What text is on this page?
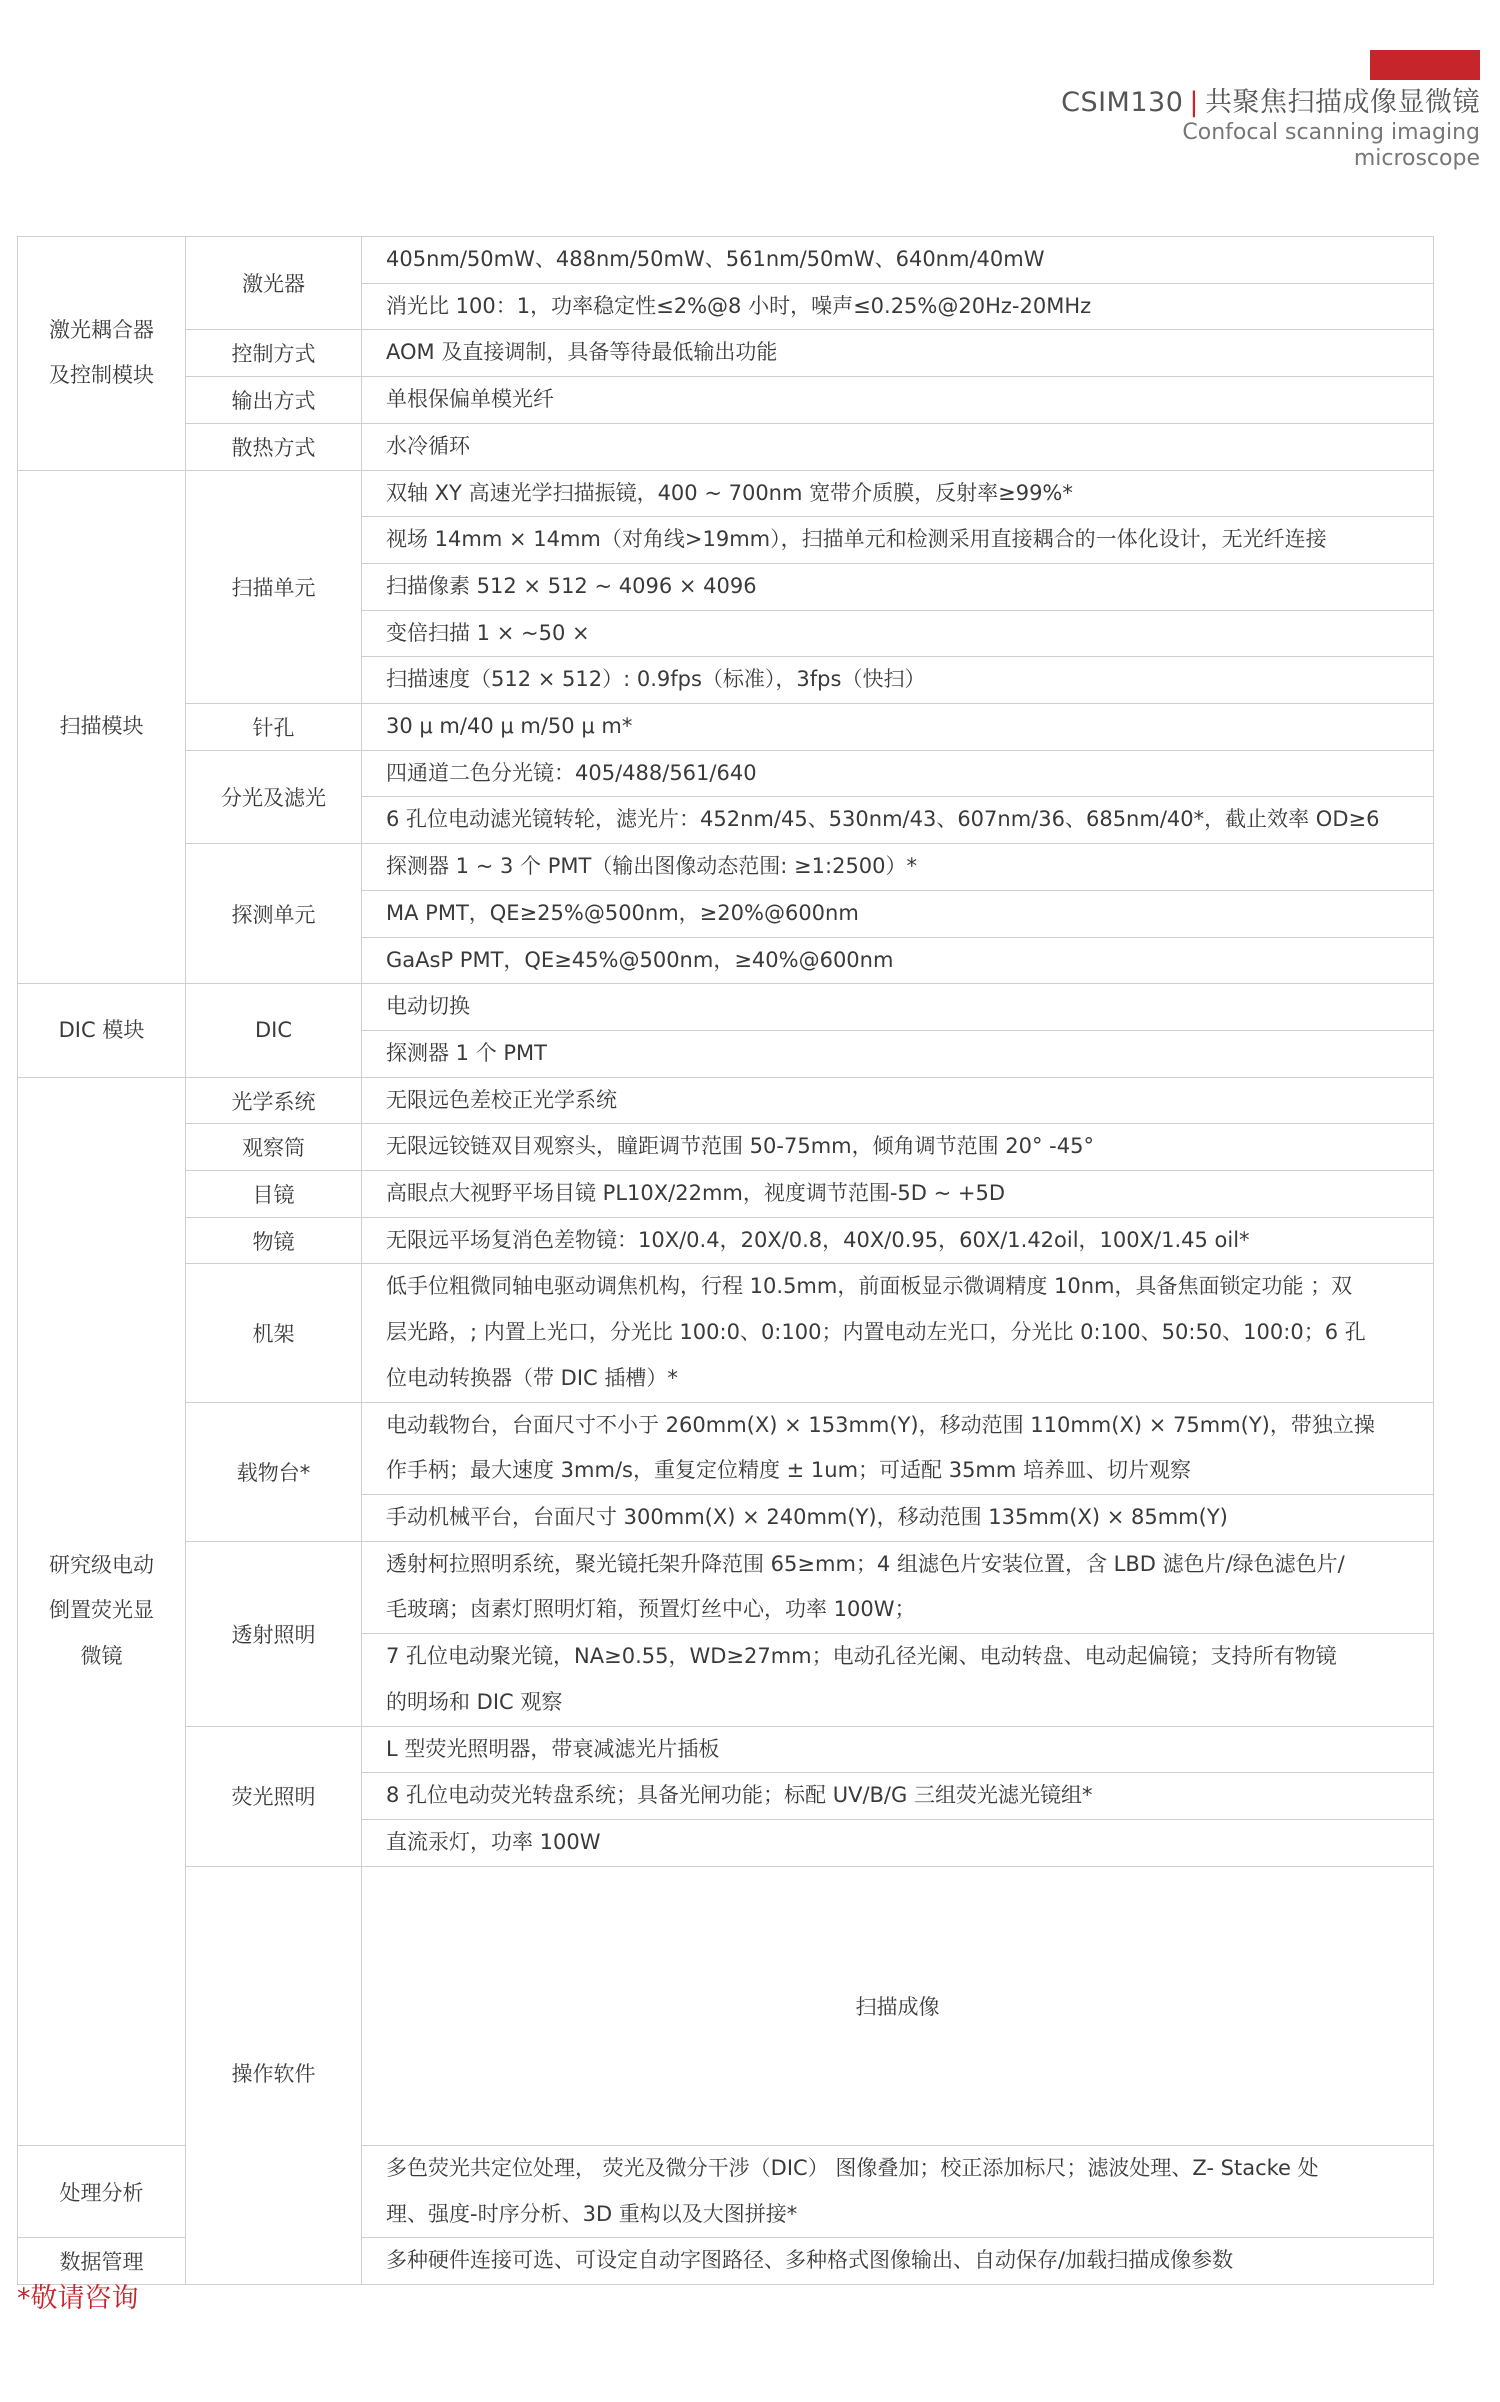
CSIM130 | 共聚焦扫描成像显微镜
Confocal scanning imaging
microscope
激光耦合器
及控制模块	激光器	405nm/50mW、488nm/50mW、561nm/50mW、640nm/40mW	

		消光比 100：1，功率稳定性≤2%@8 小时，噪声≤0.25%@20Hz-20MHz	

	控制方式	AOM 及直接调制，具备等待最低输出功能	

	输出方式	单根保偏单模光纤	

	散热方式	水冷循环	

扫描模块	扫描单元	双轴 XY 高速光学扫描振镜，400 ~ 700nm 宽带介质膜，反射率≥99%*	

		视场 14mm × 14mm（对角线>19mm），扫描单元和检测采用直接耦合的一体化设计，无光纤连接	

		扫描像素 512 × 512 ~ 4096 × 4096	

		变倍扫描 1 × ~50 ×	

		扫描速度（512 × 512）: 0.9fps（标准），3fps（快扫）	

	针孔	30 μ m/40 μ m/50 μ m*	

	分光及滤光	四通道二色分光镜：405/488/561/640	

		6 孔位电动滤光镜转轮，滤光片：452nm/45、530nm/43、607nm/36、685nm/40*，截止效率 OD≥6	

	探测单元	探测器 1 ~ 3 个 PMT（输出图像动态范围: ≥1:2500）*	

		MA PMT，QE≥25%@500nm，≥20%@600nm	

		GaAsP PMT，QE≥45%@500nm，≥40%@600nm	

DIC 模块	DIC	电动切换	

		探测器 1 个 PMT	

研究级电动
倒置荧光显
微镜	光学系统	无限远色差校正光学系统	

	观察筒	无限远铰链双目观察头，瞳距调节范围 50-75mm，倾角调节范围 20° -45°	

	目镜	高眼点大视野平场目镜 PL10X/22mm，视度调节范围-5D ~ +5D	

	物镜	无限远平场复消色差物镜：10X/0.4，20X/0.8，40X/0.95，60X/1.42oil，100X/1.45 oil*	

	机架	低手位粗微同轴电驱动调焦机构，行程 10.5mm，前面板显示微调精度 10nm，具备焦面锁定功能 ；双
层光路，; 内置上光口，分光比 100:0、0:100；内置电动左光口，分光比 0:100、50:50、100:0；6 孔
位电动转换器（带 DIC 插槽）*	

	载物台*	电动载物台，台面尺寸不小于 260mm(X) × 153mm(Y)，移动范围 110mm(X) × 75mm(Y)，带独立操
作手柄；最大速度 3mm/s，重复定位精度 ± 1um；可适配 35mm 培养皿、切片观察	

		手动机械平台，台面尺寸 300mm(X) × 240mm(Y)，移动范围 135mm(X) × 85mm(Y)	

	透射照明	透射柯拉照明系统，聚光镜托架升降范围 65≥mm；4 组滤色片安装位置，含 LBD 滤色片/绿色滤色片/
毛玻璃；卤素灯照明灯箱，预置灯丝中心，功率 100W；	

		7 孔位电动聚光镜，NA≥0.55，WD≥27mm；电动孔径光阑、电动转盘、电动起偏镜；支持所有物镜
的明场和 DIC 观察	

	荧光照明	L 型荧光照明器，带衰减滤光片插板	

		8 孔位电动荧光转盘系统；具备光闸功能；标配 UV/B/G 三组荧光滤光镜组*	

		直流汞灯，功率 100W	

	操作软件	扫描成像	

处理分析		多色荧光共定位处理， 荧光及微分干涉（DIC） 图像叠加；校正添加标尺；滤波处理、Z- Stacke 处
理、强度-时序分析、3D 重构以及大图拼接*	

数据管理		多种硬件连接可选、可设定自动字图路径、多种格式图像输出、自动保存/加载扫描成像参数	
*敬请咨询
